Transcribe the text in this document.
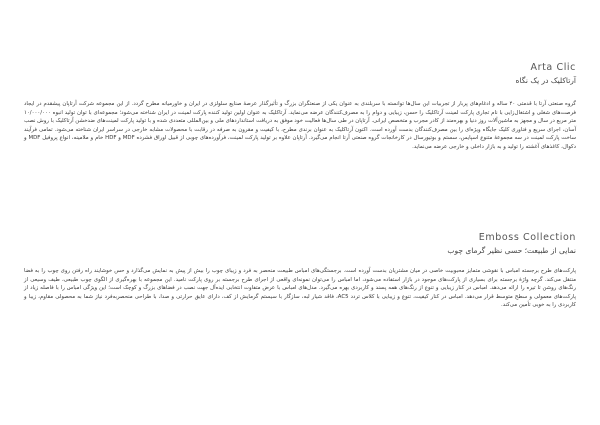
Arta Clic
آرتاکلیک در یک نگاه

گروه صنعتی آرتا با قدمتی ۴۰ ساله و ادغام‌های پربار از تجربیات این سال‌ها توانسته با سربلندی به عنوان یکی از صنعتگران بزرگ و تأثیرگذار عرصهٔ صنایع سلولزی در ایران و خاورمیانه مطرح گردد. از این مجموعه شرکت آرتاپان پیشقدم در ایجاد فرصت‌های شغلی و اشتغال‌زایی با نام تجاری پارکت لمینت آرتاکلیک را حسن، زیبایی و دوام را به مصرف‌کنندگان عرضه می‌نماید. آرتاکلیک به عنوان اولین تولید کننده پارکت لمینت در ایران شناخته می‌شود؛ مجموعه‌ای با توان تولید انبوه ۱۰/۰۰۰/۰۰۰ متر مربع در سال و مجهز به ماشین‌آلات روز دنیا و بهره‌مند از کادر مجرب و متخصص ایرانی. آرتاپان در طی سال‌ها فعالیت خود موفق به دریافت استانداردهای ملی و بین‌المللی متعددی شده و با تولید پارکت لمینت‌های ضدخشن آرتاکلیک با روش نصب آسان، اجرای سریع و فناوری کلیک جایگاه ویژه‌ای را بین مصرف‌کنندگان بدست آورده است. اکنون آرتاکلیک به عنوان برندی مطرح، با کیفیت و مقرون به صرفه در رقابت با محصولات مشابه خارجی در سراسر ایران شناخته می‌شود. تمامی فرآیند ساخت پارکت لمینت در سه مجموعهٔ متنوع اسپایس، سستم و بوتیورسال در کارخانجات گروه صنعتی آرتا انجام می‌گیرد. آرتاپان علاوه بر تولید پارکت لمینت، فرآورده‌های چوبی از قبیل اوراق فشرده MDF و HDF خام و ملامینه، انواع پروفیل MDF و دکوال، کاغذهای آغشته را تولید و به بازار داخلی و خارجی عرضه می‌نماید.

Emboss Collection
نمایی از طبیعت؛ حسی نظیر گرمای چوب

پارکت‌های طرح برجسته امباس با نقوشی متمایز محبوبیت خاصی در میان مشتریان بدست آورده است. برجستگی‌های امباس طبیعت منحصر به فرد و زیبای چوب را بیش از پیش به نمایش می‌گذارد و حس خوشایند راه رفتن روی چوب را به فضا منتقل می‌کند. گرچه واژهٔ برجسته برای بسیاری از پارکت‌های موجود در بازار استفاده می‌شود، اما امباس را می‌توان نمونه‌ای واقعی از اجرای طرح برجسته بر روی پارکت نامید. این مجموعه با بهره‌گیری از الگوی چوب طبیعی، طیف وسیعی از رنگ‌های روشن تا تیره را ارائه می‌دهد. امباس در کنار زیبایی و تنوع از رنگ‌های همه پسند و کاربردی بهره می‌گیرد. مدل‌های امباس با عرض متفاوت انتخابی ایده‌آل جهت نصب در فضاهای بزرگ و کوچک است؛ این ویژگی امباس را با فاصله زیاد از پارکت‌های معمولی و سطح متوسط قرار می‌دهد. امباس در کنار کیفیت، تنوع و زیبایی با کلاس تردد AC5، فاقد شیار لبه، سازگار با سیستم گرمایش از کف، دارای عایق حرارتی و صدا، با طراحی منحصربه‌فرد نیاز شما به محصولی مقاوم، زیبا و کاربردی را به خوبی تأمین می‌کند.
